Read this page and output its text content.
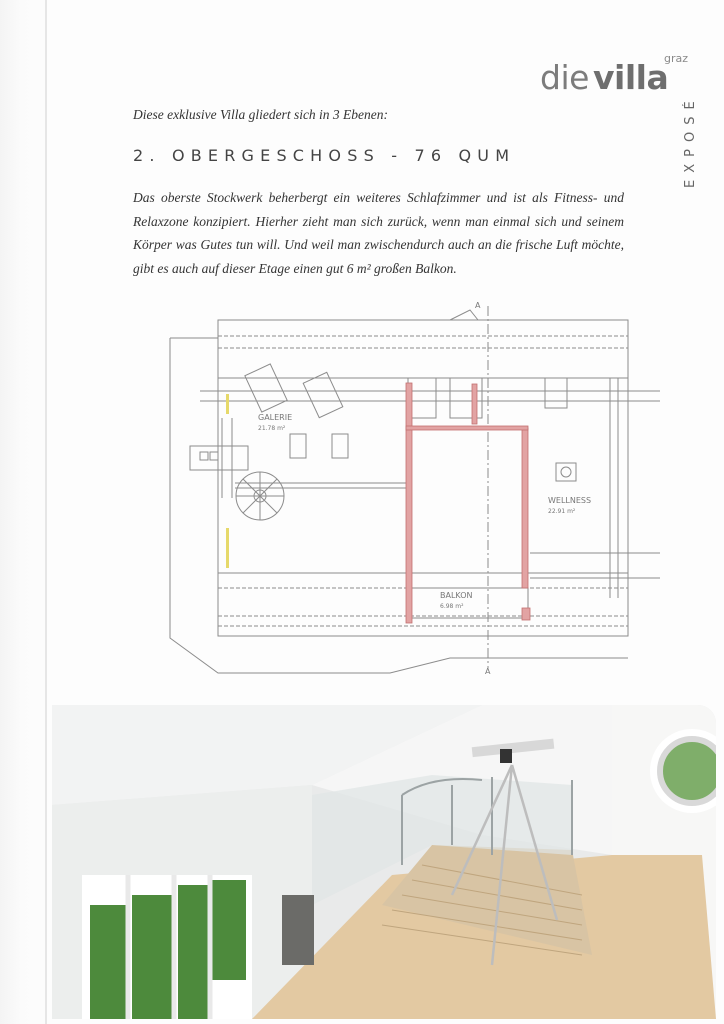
die villa
graz
EXPOSÉ
Diese exklusive Villa gliedert sich in 3 Ebenen:
2. OBERGESCHOSS - 76 QUM
Das oberste Stockwerk beherbergt ein weiteres Schlafzimmer und ist als Fitness- und Relaxzone konzipiert. Hierher zieht man sich zurück, wenn man einmal sich und seinem Körper was Gutes tun will. Und weil man zwischendurch auch an die frische Luft möchte, gibt es auch auf dieser Etage einen gut 6 m² großen Balkon.
A
A
GALERIE
21.78 m²
WELLNESS
22.91 m²
BALKON
6.98 m²
